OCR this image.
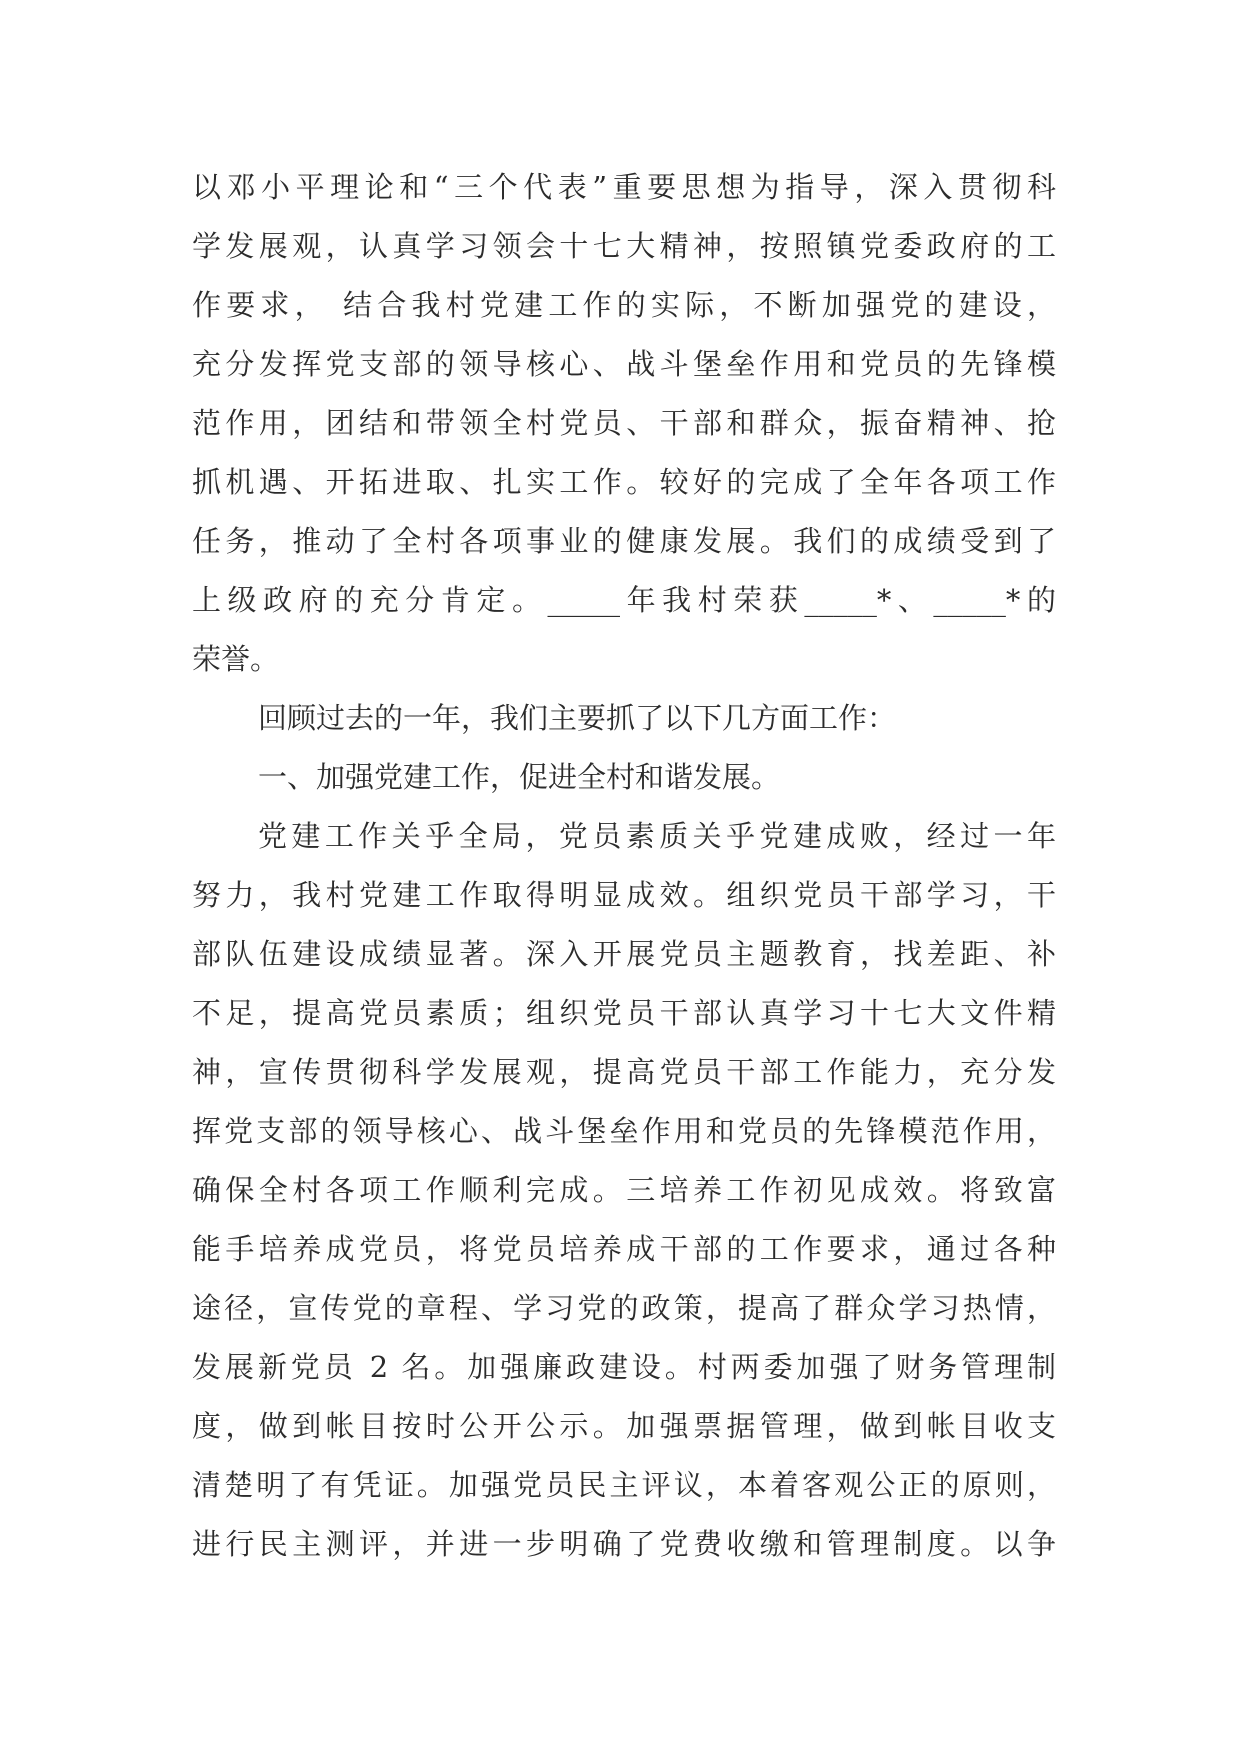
以邓小平理论和“三个代表”重要思想为指导，深入贯彻科
学发展观，认真学习领会十七大精神，按照镇党委政府的工
作要求， 结合我村党建工作的实际，不断加强党的建设，
充分发挥党支部的领导核心、战斗堡垒作用和党员的先锋模
范作用，团结和带领全村党员、干部和群众，振奋精神、抢
抓机遇、开拓进取、扎实工作。较好的完成了全年各项工作
任务，推动了全村各项事业的健康发展。我们的成绩受到了
上级政府的充分肯定。_____年我村荣获_____*、_____*的
荣誉。
回顾过去的一年，我们主要抓了以下几方面工作：
一、加强党建工作，促进全村和谐发展。
党建工作关乎全局，党员素质关乎党建成败，经过一年
努力，我村党建工作取得明显成效。组织党员干部学习，干
部队伍建设成绩显著。深入开展党员主题教育，找差距、补
不足，提高党员素质；组织党员干部认真学习十七大文件精
神，宣传贯彻科学发展观，提高党员干部工作能力，充分发
挥党支部的领导核心、战斗堡垒作用和党员的先锋模范作用，
确保全村各项工作顺利完成。三培养工作初见成效。将致富
能手培养成党员，将党员培养成干部的工作要求，通过各种
途径，宣传党的章程、学习党的政策，提高了群众学习热情，
发展新党员 2 名。加强廉政建设。村两委加强了财务管理制
度，做到帐目按时公开公示。加强票据管理，做到帐目收支
清楚明了有凭证。加强党员民主评议，本着客观公正的原则，
进行民主测评，并进一步明确了党费收缴和管理制度。以争
